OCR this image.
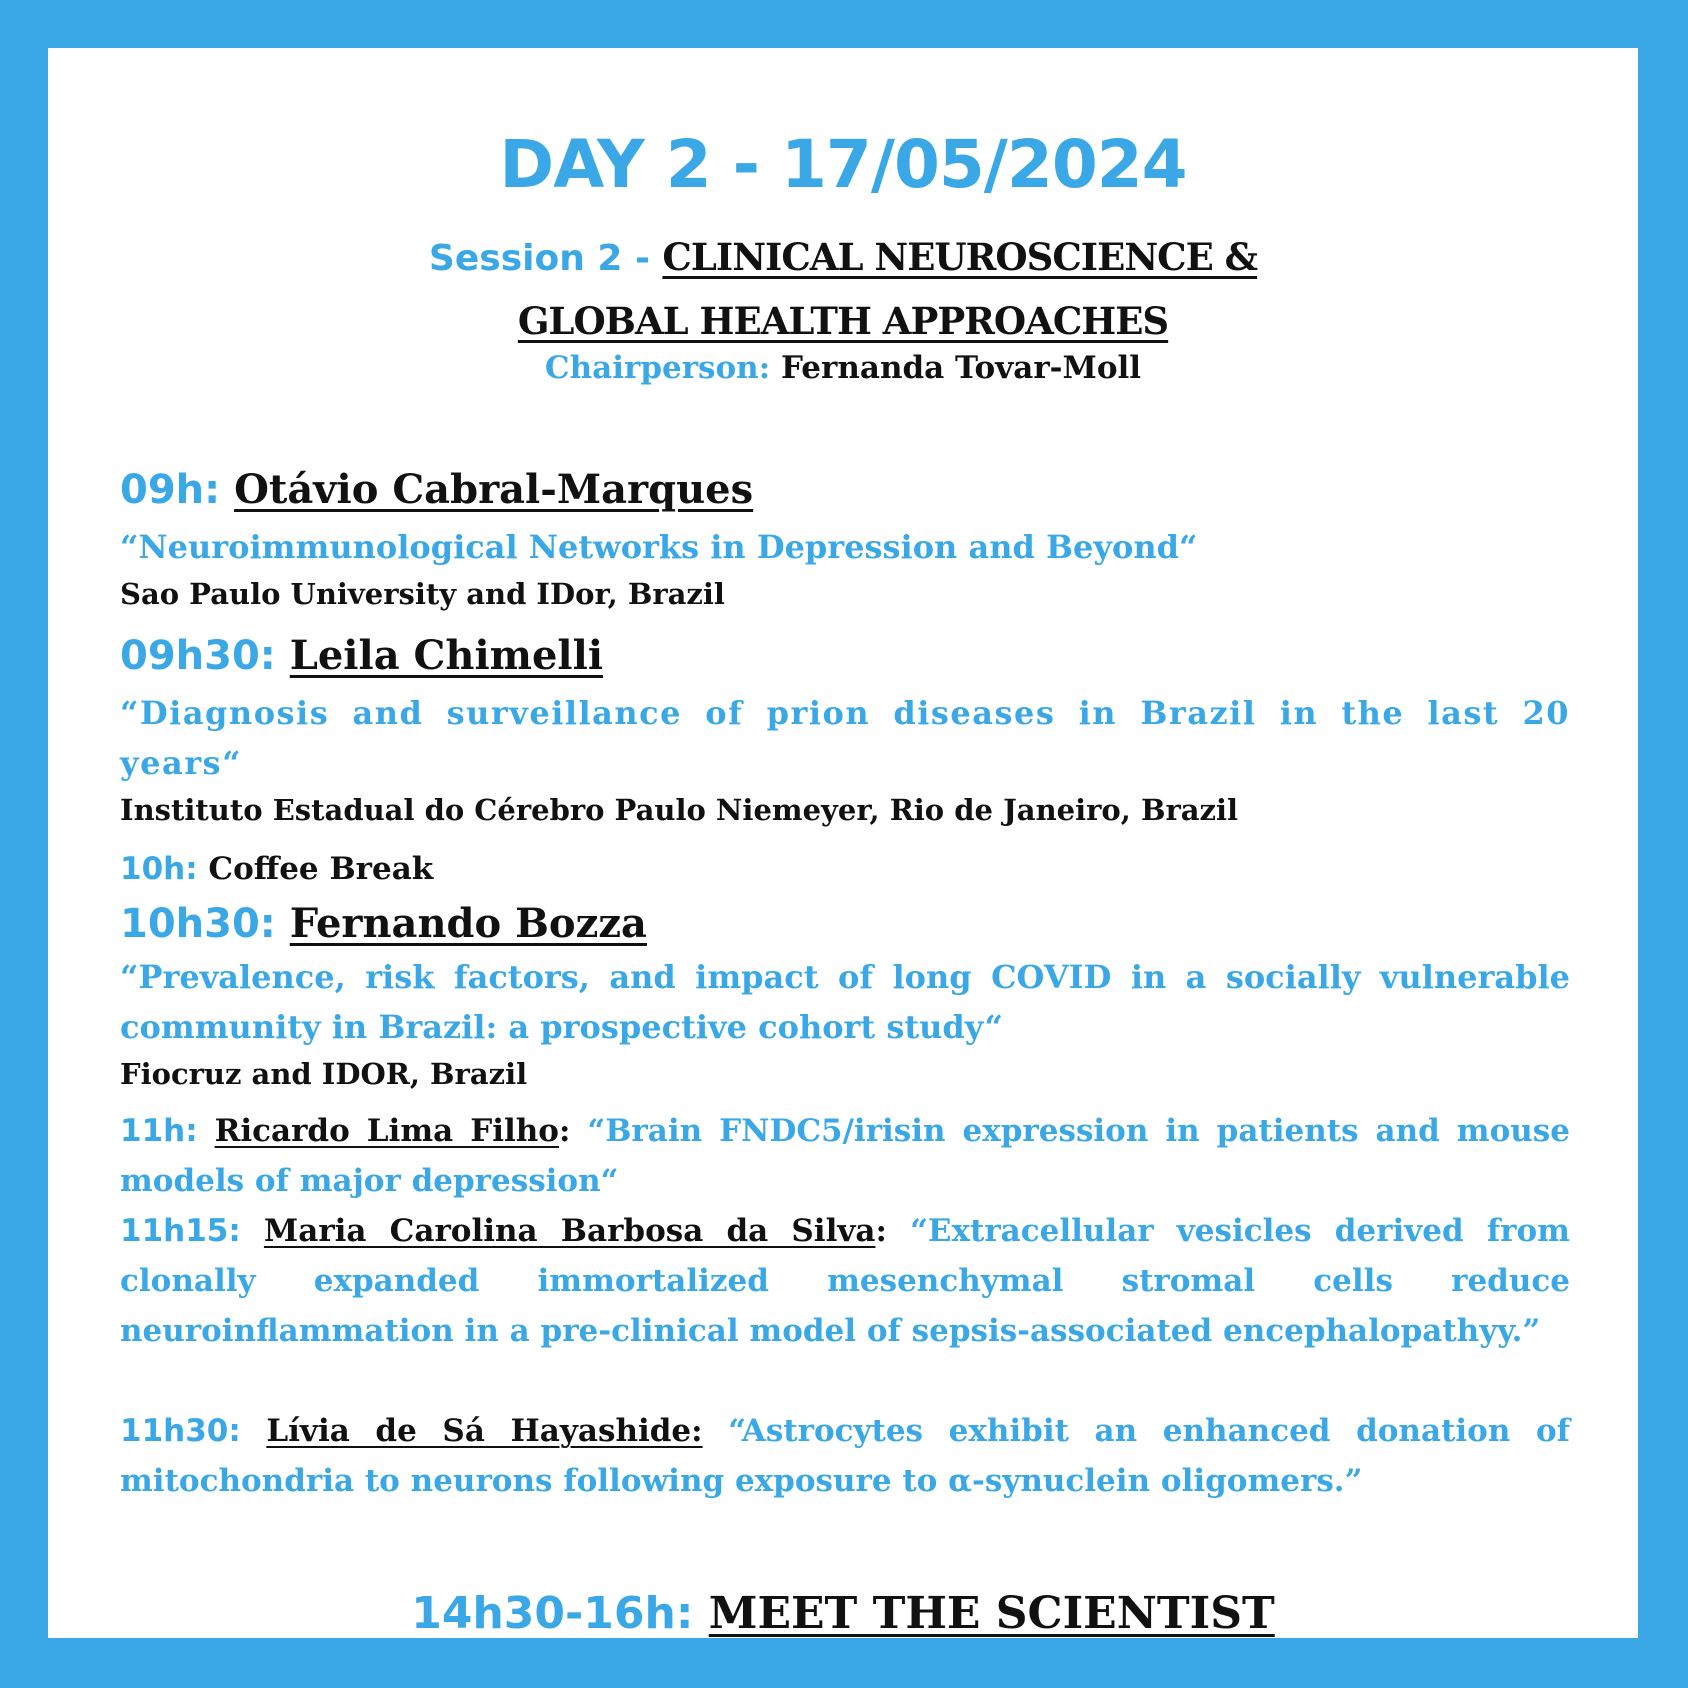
DAY 2 - 17/05/2024
Session 2 - CLINICAL NEUROSCIENCE &
GLOBAL HEALTH APPROACHES
Chairperson: Fernanda Tovar-Moll
09h: Otávio Cabral-Marques
“Neuroimmunological Networks in Depression and Beyond“
Sao Paulo University and IDor, Brazil
09h30: Leila Chimelli
“Diagnosis and surveillance of prion diseases in Brazil in the last 20 years“
Instituto Estadual do Cérebro Paulo Niemeyer, Rio de Janeiro, Brazil
10h: Coffee Break
10h30: Fernando Bozza
“Prevalence, risk factors, and impact of long COVID in a socially vulnerable community in Brazil: a prospective cohort study“
Fiocruz and IDOR, Brazil
11h: Ricardo Lima Filho: “Brain FNDC5/irisin expression in patients and mouse models of major depression“
11h15: Maria Carolina Barbosa da Silva: “Extracellular vesicles derived from clonally expanded immortalized mesenchymal stromal cells reduce neuroinflammation in a pre-clinical model of sepsis-associated encephalopathyy.”
11h30: Lívia de Sá Hayashide: “Astrocytes exhibit an enhanced donation of mitochondria to neurons following exposure to α-synuclein oligomers.”
14h30-16h: MEET THE SCIENTIST
